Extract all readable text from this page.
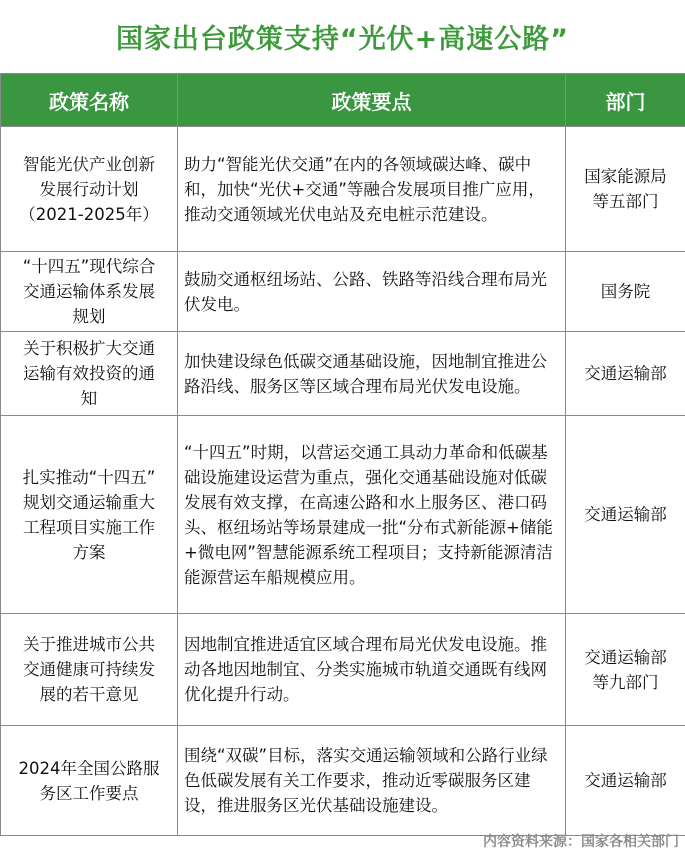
国家出台政策支持“光伏+高速公路”
政策名称	政策要点	部门

智能光伏产业创新
发展行动计划
（2021-2025年）	助力“智能光伏交通”在内的各领域碳达峰、碳中和，加快“光伏+交通”等融合发展项目推广应用，推动交通领域光伏电站及充电桩示范建设。	国家能源局
等五部门

“十四五”现代综合
交通运输体系发展
规划	鼓励交通枢纽场站、公路、铁路等沿线合理布局光伏发电。	国务院

关于积极扩大交通
运输有效投资的通
知	加快建设绿色低碳交通基础设施，因地制宜推进公路沿线、服务区等区域合理布局光伏发电设施。	交通运输部

扎实推动“十四五”
规划交通运输重大
工程项目实施工作
方案	“十四五”时期，以营运交通工具动力革命和低碳基础设施建设运营为重点，强化交通基础设施对低碳发展有效支撑，在高速公路和水上服务区、港口码头、枢纽场站等场景建成一批“分布式新能源+储能+微电网”智慧能源系统工程项目；支持新能源清洁能源营运车船规模应用。	交通运输部

关于推进城市公共
交通健康可持续发
展的若干意见	因地制宜推进适宜区域合理布局光伏发电设施。推动各地因地制宜、分类实施城市轨道交通既有线网优化提升行动。	交通运输部
等九部门

2024年全国公路服
务区工作要点	围绕“双碳”目标，落实交通运输领域和公路行业绿色低碳发展有关工作要求，推动近零碳服务区建设，推进服务区光伏基础设施建设。	交通运输部
内容资料来源：国家各相关部门
